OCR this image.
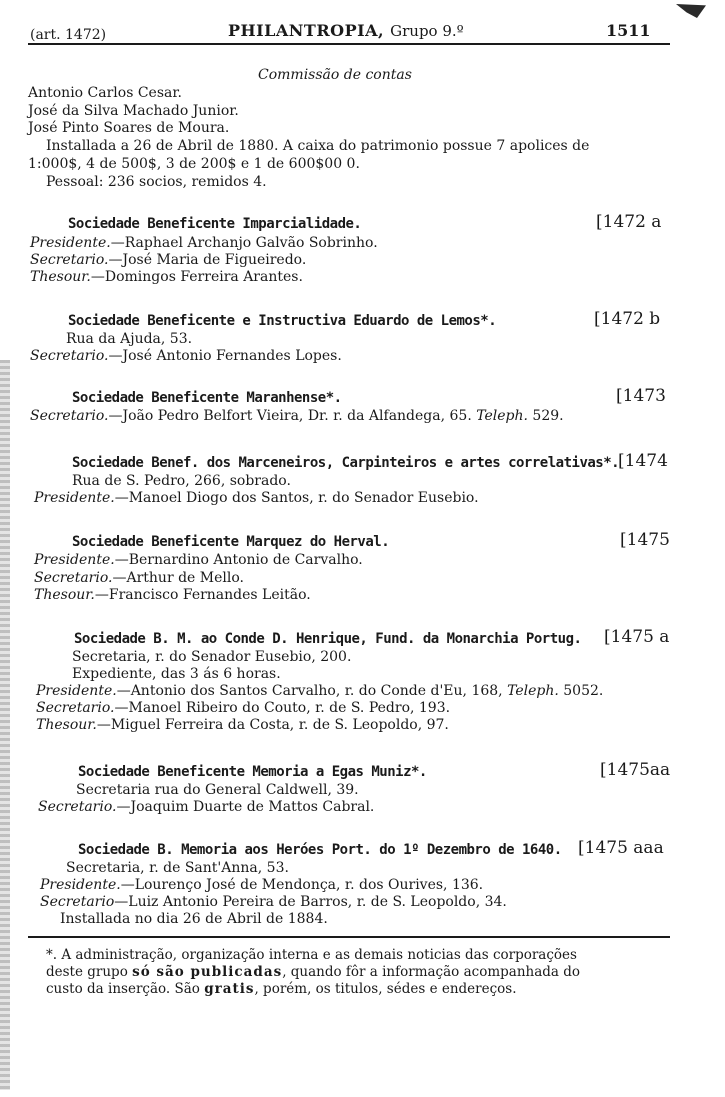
(art. 1472)	PHILANTROPIA, Grupo 9.º	1511
Commissão de contas
Antonio Carlos Cesar.
José da Silva Machado Junior.
José Pinto Soares de Moura.
Installada a 26 de Abril de 1880. A caixa do patrimonio possue 7 apolices de
1:000$, 4 de 500$, 3 de 200$ e 1 de 600$00 0.
Pessoal: 236 socios, remidos 4.
Sociedade Beneficente Imparcialidade.	[1472 a
Presidente.—Raphael Archanjo Galvão Sobrinho.
Secretario.—José Maria de Figueiredo.
Thesour.—Domingos Ferreira Arantes.
Sociedade Beneficente e Instructiva Eduardo de Lemos*.	[1472 b
Rua da Ajuda, 53.
Secretario.—José Antonio Fernandes Lopes.
Sociedade Beneficente Maranhense*.	[1473
Secretario.—João Pedro Belfort Vieira, Dr. r. da Alfandega, 65. Teleph. 529.
Sociedade Benef. dos Marceneiros, Carpinteiros e artes correlativas*.
[1474
Rua de S. Pedro, 266, sobrado.
Presidente.—Manoel Diogo dos Santos, r. do Senador Eusebio.
Sociedade Beneficente Marquez do Herval.	[1475
Presidente.—Bernardino Antonio de Carvalho.
Secretario.—Arthur de Mello.
Thesour.—Francisco Fernandes Leitão.
Sociedade B. M. ao Conde D. Henrique, Fund. da Monarchia Portug. [1475 a
Secretaria, r. do Senador Eusebio, 200.
Expediente, das 3 ás 6 horas.
Presidente.—Antonio dos Santos Carvalho, r. do Conde d'Eu, 168, Teleph. 5052.
Secretario.—Manoel Ribeiro do Couto, r. de S. Pedro, 193.
Thesour.—Miguel Ferreira da Costa, r. de S. Leopoldo, 97.
Sociedade Beneficente Memoria a Egas Muniz*.	[1475aa
Secretaria rua do General Caldwell, 39.
Secretario.—Joaquim Duarte de Mattos Cabral.
Sociedade B. Memoria aos Heróes Port. do 1º Dezembro de 1640. [1475 aaa
Secretaria, r. de Sant'Anna, 53.
Presidente.—Lourenço José de Mendonça, r. dos Ourives, 136.
Secretario—Luiz Antonio Pereira de Barros, r. de S. Leopoldo, 34.
Installada no dia 26 de Abril de 1884.
*. A administração, organização interna e as demais noticias das corporações
deste grupo só são publicadas, quando fôr a informação acompanhada do
custo da inserção. São gratis, porém, os titulos, sédes e endereços.
